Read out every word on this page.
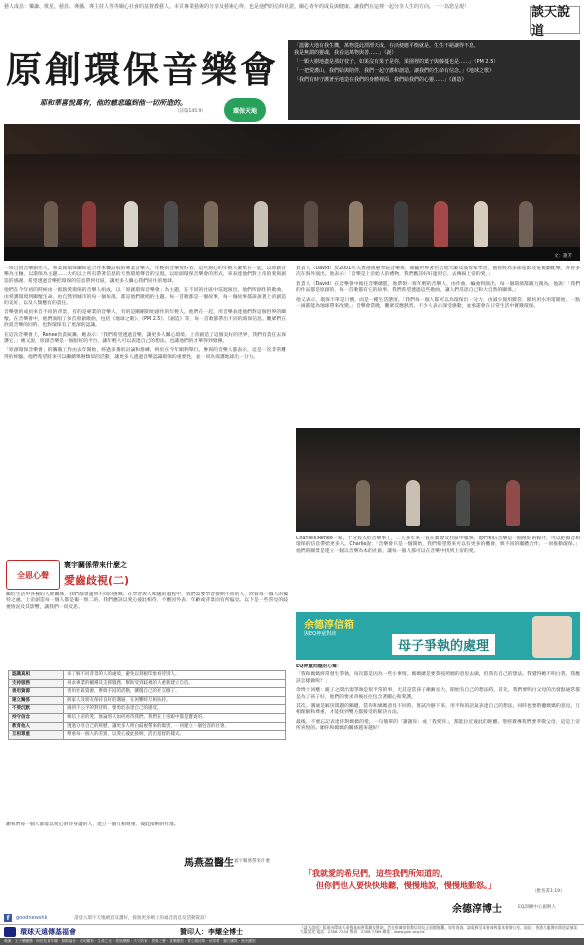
藝人成員：樂謙、歌星、藝員、導播、導主持人等等關心社會的基督教藝人。本頁專業藝術的分享及藝術心得，也是他們的信仰見證。關心青年的成長與健康。讓我們在這裡一起分享人生的方向。一一為您呈現！	談天說道
原創環保音樂會
耶和華喜悅萬有，他的慈悲臨到他一切所造的。
（詩篇145:9）	環保天地
「溫馨大地有我生機，萬物從此漂漂天成，存活便應平衡就是。生生不絕讓得不息，
我是無謂的靈魂，我看這萬物與善……」（誕）
「一顆大樹地盡是那好枝子，如果沒有果子是你，果園裡的葉子與藤蔓也是……」（PM 2.5）
「一把愛護山，我們給與陪伴，我們一起守護和創造，讓我們的生命有信念。」《地球之歌》
「我們有時守護著至地造在我們的身體裡面，我們給我們的心靈……」《創造》
文：謝芳

一班自由音樂創作人，事業與環保聯結起合作本機詩般的專業音樂人，年輕的音樂愛好者，這些熱心的年輕人聚集在一起，以原創音樂為主軸，以環保為主題……大約以上所有帶著信息的天然環境聲音的呈現。以原創環保音樂會的形式，來表達他們對上帝的愛與創造的感謝，希望透過音樂把環保的信息帶到社區，讓更多人關心我們居住的地球。

他們在今年初的時候由一群熱愛環保的音樂人組成，以「原創環保音樂會」為主題，在不同的社區中巡迴演出。他們所創作的歌曲，由愛護環境到關懷生命，由自然到城市的每一個角落，都是他們歌唱的主題。每一首歌都是一個故事，每一個故事都訴說著上帝創造的美好，以及人類應有的責任。

音樂會的成員來自不同的背景，有的是專業的音樂人，有的是剛剛開始創作的年輕人。他們在一起，用音樂表達他們對這個世界的關懷。在音樂會中，他們演唱了多首原創歌曲，包括《地球之歌》、《PM 2.5》、《創造》等，每一首歌都帶出不同的環保信息。觀眾們在欣賞音樂的同時，也對環保有了更深的認識。

在這次音樂會上，Renee負責統籌，她表示：「我們希望透過音樂，讓更多人關心環境。上帝創造了這個美好的世界，我們有責任去保護它。」她又說，原創音樂是一個很好的平台，讓年輕人可以表達自己的想法，也讓他們的才華得到發揮。

「原創環保音樂會」的籌備工作由去年開始，經過多番的討論和排練，終於在今年順利舉行。參與的音樂人都表示，這是一次非常難得的經驗。他們希望將來可以繼續舉辦類似的活動，讓更多人透過音樂認識環保的重要性，並一同為保護地球出一分力。

負責人（David）於2001年入香港演藝學院音樂系，師隨世界著名吉他大師及演奏家學習，他曾經為多部電影及電視劇配樂，亦曾多次在海外演出。他表示：「音樂是上帝給人的禮物，我們應該好好運用它，去傳揚上帝的愛。」

負責人（David）在音樂會中擔任音樂總監，他帶領一班年輕的音樂人，由作曲、編曲到演出，每一個環節都親力親為。他說：「我們的作品都是原創的，每一首歌都有它的故事。我們希望透過這些歌曲，讓人們反思自己和大自然的關係。」

他又表示，環保不單是口號，而是一種生活態度。「我們每一個人都可以為環保出一分力，由減少使用膠袋、節約用水用電開始，一點一滴都能為地球帶來改變。」音樂會當晚，觀眾反應熱烈，不少人表示深受感動，並承諾會在日常生活中實踐環保。

Charlie和Renee一家，十分投入於音樂事工，二人多年來一直在教會及社區中服事。他們相信音樂是一個很好的媒介，可以把福音和環保的信息帶給更多人。Charlie說：「音樂會只是一個開始，我們希望將來可以有更多的機會，與不同的團體合作，一同推動環保。」他們的願景是建立一個以音樂為本的社區，讓每一個人都可以在音樂中找到上帝的愛。
全恩心聲
寰宇關係帶來什麼之
愛齒歧視(二)
關於生活中各種的人際關係，我們都會遇到不同的挑戰。在學習與人相處的過程中，我們需要學習接納不同的人，欣賞每一個人的獨特之處。上帝創造每一個人都是獨一無二的，我們應該以愛心彼此相待，不應因外表、年齡或背景而有所偏見。以下是一些常見的歧視情況及其影響，讓我們一同反思。
認識真相	多了解不同背景的人的處境，避免以刻板印象看待別人。
支持服務	尋求專業的輔導及支援服務，幫助受到歧視的人重新建立自信。
善用資源	善用社區資源，參與不同的活動，擴闊自己的社交圈子。
建立關係	與家人及朋友保持良好的溝通，在困難時互相扶持。
不要沉默	遇到不公平的對待時，要勇於表達自己的感受。
持守信念	相信上帝的愛，無論別人如何看待我們，我們在上帝眼中都是寶貴的。
教育他人	透過分享自己的經歷，讓更多人明白歧視帶來的傷害，一同建立一個包容的社會。
互相尊重	尊重每一個人的差異，以愛心彼此接納，活出基督的樣式。
願我們每一個人都能以愛心對待身邊的人，建立一個互相尊重、彼此接納的社群。
馬燕盈醫生 寰宇關係帶來什麼
余德淳信箱
與EQ神童對談
母子爭執的處理

EQ神童問題的心聲：

「我和媽媽經常發生爭執，每次都是因為一些小事情。媽媽總是要我按照她的意思去做，但我有自己的想法。我覺得她不明白我，我應該怎樣做呢？」

余博士回應：親子之間出現爭執是很平常的事，尤其是當孩子漸漸長大，開始有自己的想法時。首先，我們要明白父母的出發點通常都是為了孩子好，他們的要求背後往往包含著關心和愛護。

其次，溝通是解決問題的關鍵。當你和媽媽意見不同時，嘗試冷靜下來，用平和的語氣表達自己的想法，同時也要聆聽媽媽的意見。互相理解和尊重，才能找到雙方都接受的解決方法。

最後，不要忘記表達你對媽媽的愛。一句簡單的「謝謝你」或「我愛你」，都能拉近彼此的距離。聖經教導我們要孝敬父母，這是上帝所喜悅的。願你和媽媽的關係越來越好！

「我就愛的希兒們，這些我們所知道的，
但你們也人要快快地聽，慢慢地說，慢慢地動怒。」
（雅各書1:19）
余德淳博士	EQ訓練中心創辦人
f	goodnewshk	請登入環宇天地網頁及讚好，接收更多網上的福音消息及活動資訊！
環球天遠傳基福會	贊印人：李耀全博士
《談天說道》版面由環球天遠傳基福會策劃及贊助，旨在推廣基督教信仰及正面價值觀。如有查詢，請電郵至本會或致電本會辦公室。地址：香港九龍灣宏開道某號某大廈某室 電話：2356 7234 傳真：2356 7389 網址：www.gnh.org.hk
鳴謝：王子樂團體・阿伯及青年團・無限福音・光明團契・生命之光・蒙福樂團・天父的家・恩典之聲・喜樂團契・愛心服侍隊・信望愛・磐石團隊・晨光團契
